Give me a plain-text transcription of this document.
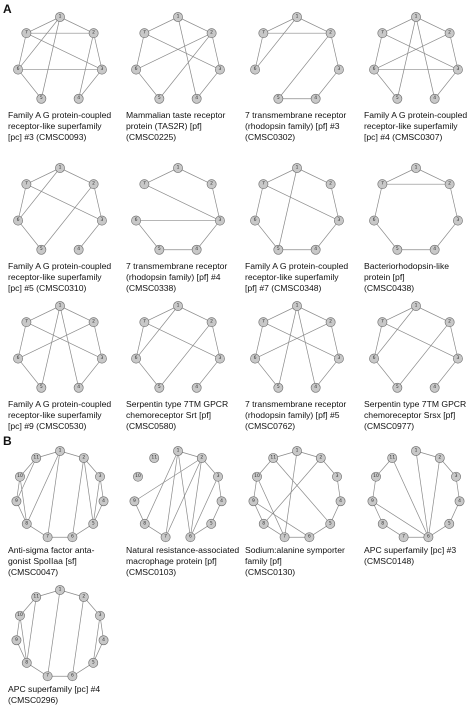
A
B
1
2
3
4
5
6
7
Family A G protein-coupled
receptor-like superfamily
[pc] #3 (CMSC0093)
1
2
3
4
5
6
7
Mammalian taste receptor
protein (TAS2R) [pf]
(CMSC0225)
1
2
3
4
5
6
7
7 transmembrane receptor
(rhodopsin family) [pf] #3
(CMSC0302)
1
2
3
4
5
6
7
Family A G protein-coupled
receptor-like superfamily
[pc] #4 (CMSC0307)
1
2
3
4
5
6
7
Family A G protein-coupled
receptor-like superfamily
[pc] #5 (CMSC0310)
1
2
3
4
5
6
7
7 transmembrane receptor
(rhodopsin family) [pf] #4
(CMSC0338)
1
2
3
4
5
6
7
Family A G protein-coupled
receptor-like superfamily
[pf] #7 (CMSC0348)
1
2
3
4
5
6
7
Bacteriorhodopsin-like
protein [pf]
(CMSC0438)
1
2
3
4
5
6
7
Family A G protein-coupled
receptor-like superfamily
[pc] #9 (CMSC0530)
1
2
3
4
5
6
7
Serpentin type 7TM GPCR
chemoreceptor Srt [pf]
(CMSC0580)
1
2
3
4
5
6
7
7 transmembrane receptor
(rhodopsin family) [pf] #5
(CMSC0762)
1
2
3
4
5
6
7
Serpentin type 7TM GPCR
chemoreceptor Srsx [pf]
(CMSC0977)
1
2
3
4
5
6
7
8
9
10
11
Anti-sigma factor anta-
gonist SpoIIaa [sf]
(CMSC0047)
1
2
3
4
5
6
7
8
9
10
11
Natural resistance-associated
macrophage protein [pf]
(CMSC0103)
1
2
3
4
5
6
7
8
9
10
11
Sodium:alanine symporter
family [pf]
(CMSC0130)
1
2
3
4
5
6
7
8
9
10
11
APC superfamily [pc] #3
(CMSC0148)
1
2
3
4
5
6
7
8
9
10
11
APC superfamily [pc] #4
(CMSC0296)
